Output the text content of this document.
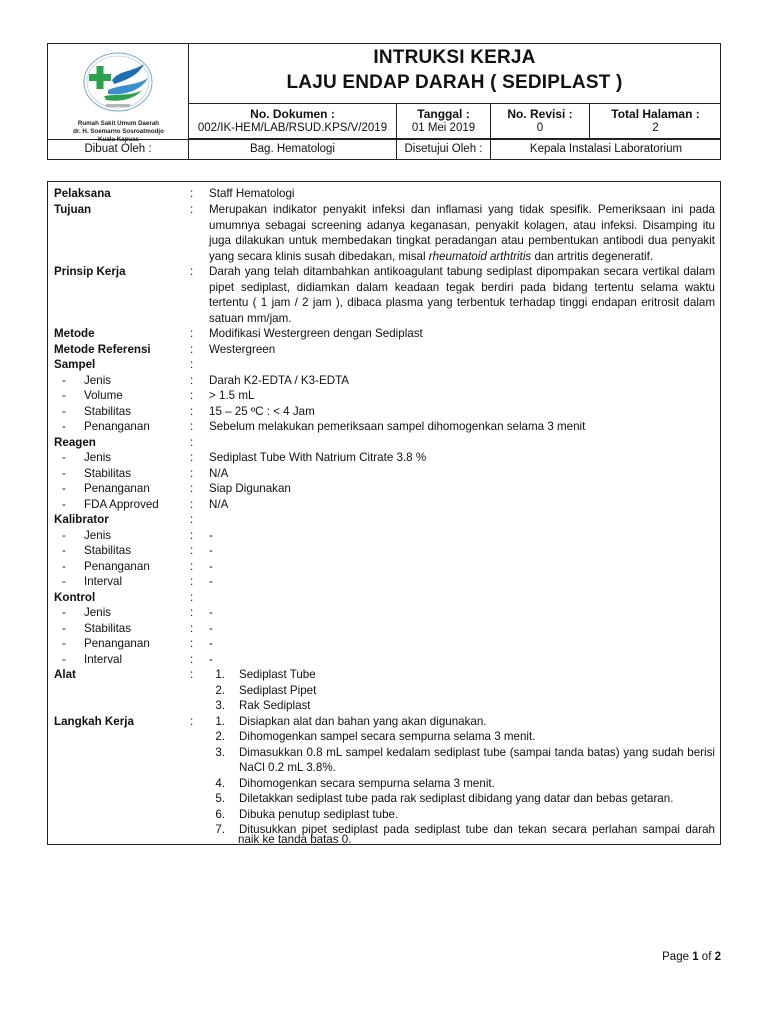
Rumah Sakit Umum Daerah
dr. H. Soemarno Sosroatmodjo
Kuala Kapuas
INTRUKSI KERJA
LAJU ENDAP DARAH ( SEDIPLAST )
No. Dokumen :
002/IK-HEM/LAB/RSUD.KPS/V/2019
Tanggal :
01 Mei 2019
No. Revisi :
0
Total Halaman :
2
Dibuat Oleh :	Bag. Hematologi	Disetujui Oleh :	Kepala Instalasi Laboratorium
Pelaksana	: Staff Hematologi
Tujuan	: Merupakan indikator penyakit infeksi dan inflamasi yang tidak spesifik. Pemeriksaan ini pada
umumnya sebagai screening adanya keganasan, penyakit kolagen, atau infeksi. Disamping itu
juga dilakukan untuk membedakan tingkat peradangan atau pembentukan antibodi dua penyakit
yang secara klinis susah dibedakan, misal rheumatoid arthtritis dan artritis degeneratif.
Prinsip Kerja	: Darah yang telah ditambahkan antikoagulant tabung sediplast dipompakan secara vertikal dalam
pipet sediplast, didiamkan dalam keadaan tegak berdiri pada bidang tertentu selama waktu
tertentu ( 1 jam / 2 jam ), dibaca plasma yang terbentuk terhadap tinggi endapan eritrosit dalam
satuan mm/jam.
Metode	: Modifikasi Westergreen dengan Sediplast
Metode Referensi	: Westergreen
Sampel	:
- Jenis	: Darah K2-EDTA / K3-EDTA
- Volume	: > 1.5 mL
- Stabilitas	: 15 – 25 ºC : < 4 Jam
- Penanganan	: Sebelum melakukan pemeriksaan sampel dihomogenkan selama 3 menit
Reagen	:
- Jenis	: Sediplast Tube With Natrium Citrate 3.8 %
- Stabilitas	: N/A
- Penanganan	: Siap Digunakan
- FDA Approved	: N/A
Kalibrator	:
- Jenis	: -
- Stabilitas	: -
- Penanganan	: -
- Interval	: -
Kontrol	:
- Jenis	: -
- Stabilitas	: -
- Penanganan	: -
- Interval	: -
Alat	: 1.	Sediplast Tube
2.	Sediplast Pipet
3.	Rak Sediplast
Langkah Kerja	: 1.	Disiapkan alat dan bahan yang akan digunakan.
2.	Dihomogenkan sampel secara sempurna selama 3 menit.
3.	Dimasukkan 0.8 mL sampel kedalam sediplast tube (sampai tanda batas) yang sudah berisi
NaCl 0.2 mL 3.8%.
4.	Dihomogenkan secara sempurna selama 3 menit.
5.	Diletakkan sediplast tube pada rak sediplast dibidang yang datar dan bebas getaran.
6.	Dibuka penutup sediplast tube.
7.	Ditusukkan pipet sediplast pada sediplast tube dan tekan secara perlahan sampai darah
naik ke tanda batas 0.
Page 1 of 2
